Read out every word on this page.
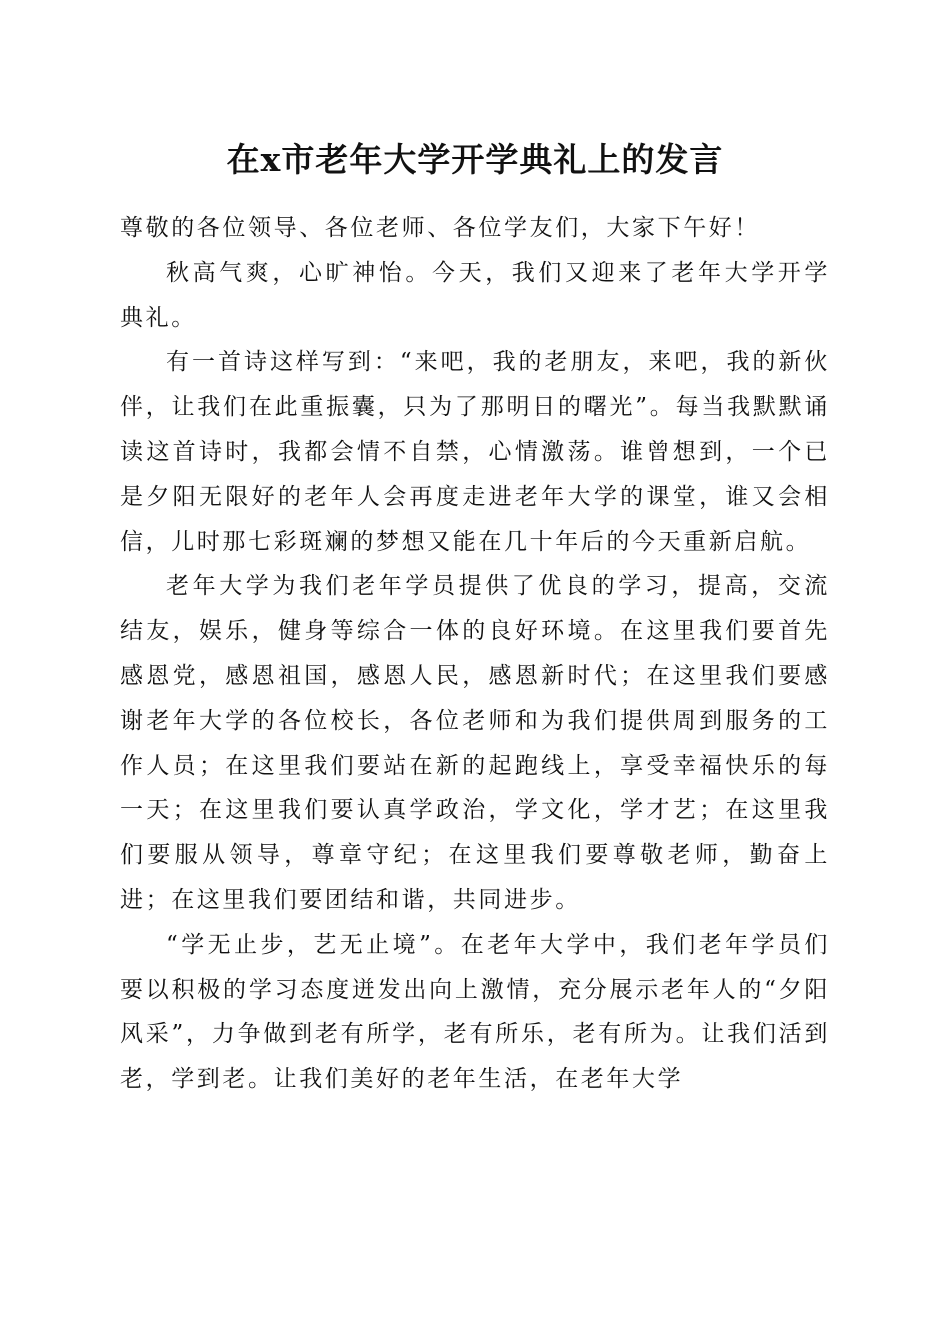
在x市老年大学开学典礼上的发言

尊敬的各位领导、各位老师、各位学友们，大家下午好！

秋高气爽，心旷神怡。今天，我们又迎来了老年大学开学典礼。

有一首诗这样写到：“来吧，我的老朋友，来吧，我的新伙伴，让我们在此重振囊，只为了那明日的曙光”。每当我默默诵读这首诗时，我都会情不自禁，心情激荡。谁曾想到，一个已是夕阳无限好的老年人会再度走进老年大学的课堂，谁又会相信，儿时那七彩斑斓的梦想又能在几十年后的今天重新启航。

老年大学为我们老年学员提供了优良的学习，提高，交流结友，娱乐，健身等综合一体的良好环境。在这里我们要首先感恩党，感恩祖国，感恩人民，感恩新时代；在这里我们要感谢老年大学的各位校长，各位老师和为我们提供周到服务的工作人员；在这里我们要站在新的起跑线上，享受幸福快乐的每一天；在这里我们要认真学政治，学文化，学才艺；在这里我们要服从领导，尊章守纪；在这里我们要尊敬老师，勤奋上进；在这里我们要团结和谐，共同进步。

“学无止步，艺无止境”。在老年大学中，我们老年学员们要以积极的学习态度迸发出向上激情，充分展示老年人的“夕阳风采”，力争做到老有所学，老有所乐，老有所为。让我们活到老，学到老。让我们美好的老年生活，在老年大学
